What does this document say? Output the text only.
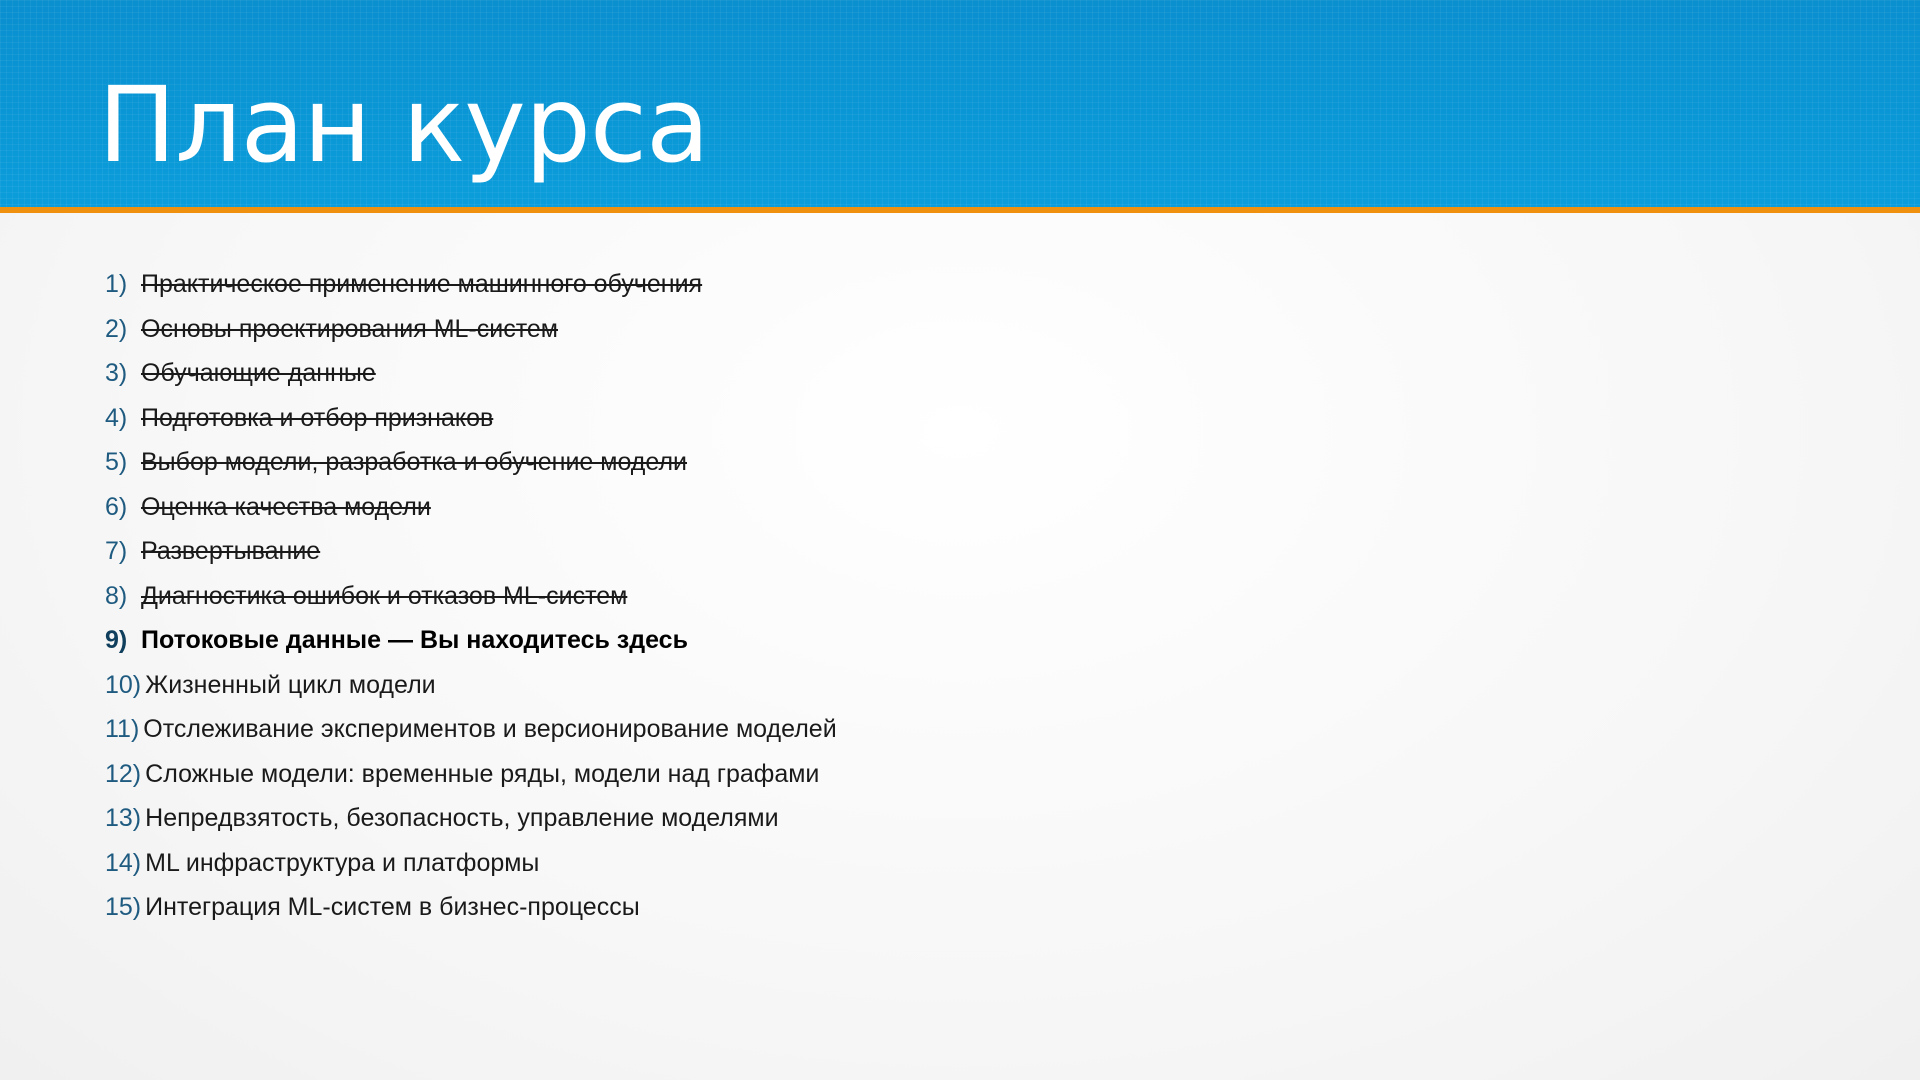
План курса
1) Практическое применение машинного обучения
2) Основы проектирования ML-систем
3) Обучающие данные
4) Подготовка и отбор признаков
5) Выбор модели, разработка и обучение модели
6) Оценка качества модели
7) Развертывание
8) Диагностика ошибок и отказов ML-систем
9) Потоковые данные — Вы находитесь здесь
10) Жизненный цикл модели
11) Отслеживание экспериментов и версионирование моделей
12) Сложные модели: временные ряды, модели над графами
13) Непредвзятость, безопасность, управление моделями
14) ML инфраструктура и платформы
15) Интеграция ML-систем в бизнес-процессы
